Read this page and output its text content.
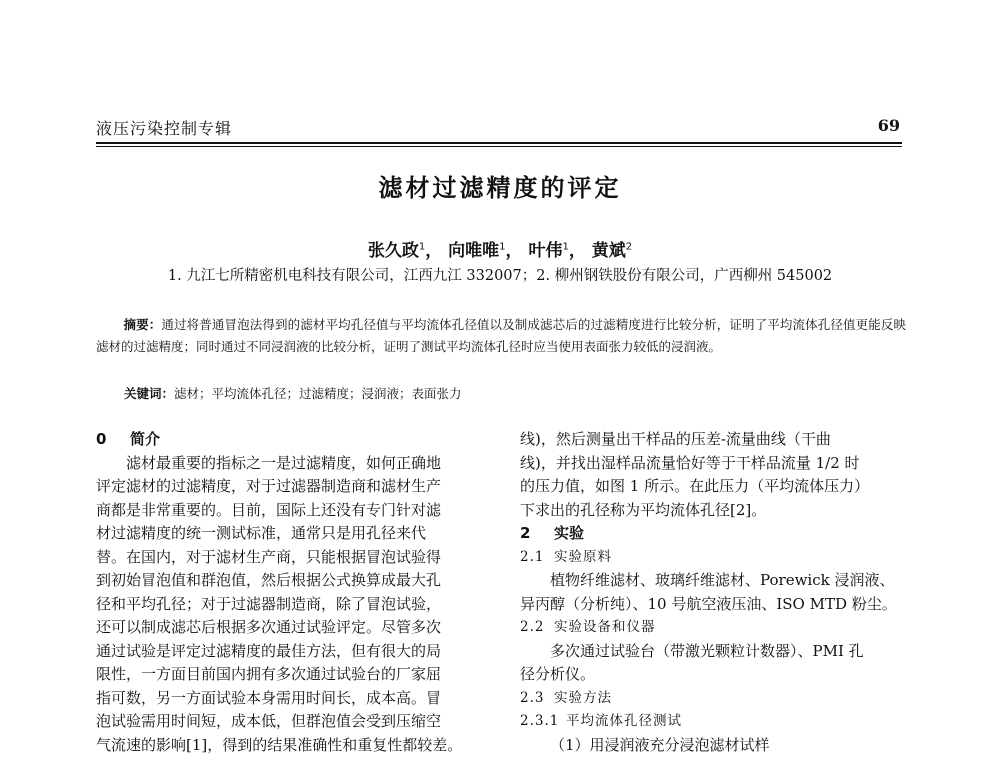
液压污染控制专辑	69
滤材过滤精度的评定
张久政$^1$， 向唯唯$^1$， 叶伟$^1$， 黄斌$^2$
1. 九江七所精密机电科技有限公司，江西九江 332007；2. 柳州钢铁股份有限公司，广西柳州 545002
摘要：通过将普通冒泡法得到的滤材平均孔径值与平均流体孔径值以及制成滤芯后的过滤精度进行比较分析，证明了平均流体孔径值更能反映滤材的过滤精度；同时通过不同浸润液的比较分析，证明了测试平均流体孔径时应当使用表面张力较低的浸润液。
关键词：滤材；平均流体孔径；过滤精度；浸润液；表面张力
0 简介
滤材最重要的指标之一是过滤精度，如何正确地
评定滤材的过滤精度，对于过滤器制造商和滤材生产
商都是非常重要的。目前，国际上还没有专门针对滤
材过滤精度的统一测试标准，通常只是用孔径来代
替。在国内，对于滤材生产商，只能根据冒泡试验得
到初始冒泡值和群泡值，然后根据公式换算成最大孔
径和平均孔径；对于过滤器制造商，除了冒泡试验，
还可以制成滤芯后根据多次通过试验评定。尽管多次
通过试验是评定过滤精度的最佳方法，但有很大的局
限性，一方面目前国内拥有多次通过试验台的厂家屈
指可数，另一方面试验本身需用时间长，成本高。冒
泡试验需用时间短，成本低，但群泡值会受到压缩空
气流速的影响[1]，得到的结果准确性和重复性都较差。
线)，然后测量出干样品的压差-流量曲线（干曲
线)，并找出湿样品流量恰好等于干样品流量 1/2 时
的压力值，如图 1 所示。在此压力（平均流体压力）
下求出的孔径称为平均流体孔径[2]。
2 实验
2.1 实验原料
植物纤维滤材、玻璃纤维滤材、Porewick 浸润液、
异丙醇（分析纯）、10 号航空液压油、ISO MTD 粉尘。
2.2 实验设备和仪器
多次通过试验台（带激光颗粒计数器）、PMI 孔
径分析仪。
2.3 实验方法
2.3.1 平均流体孔径测试
（1）用浸润液充分浸泡滤材试样
